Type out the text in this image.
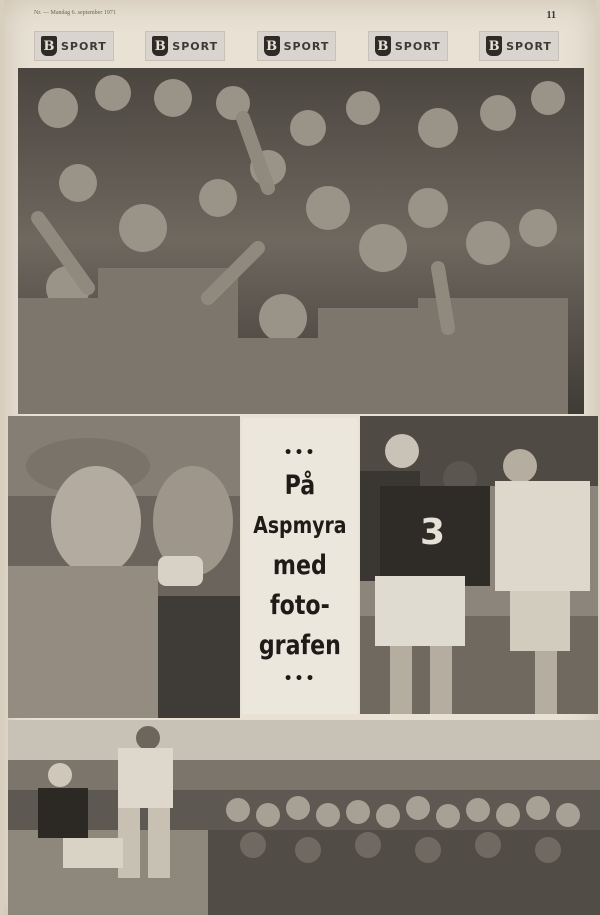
Nr. — Mandag 6. september 1971	11
B SPORT	B SPORT	B SPORT	B SPORT	B SPORT
•••
På
Aspmyra
med
foto-
grafen
•••
3
